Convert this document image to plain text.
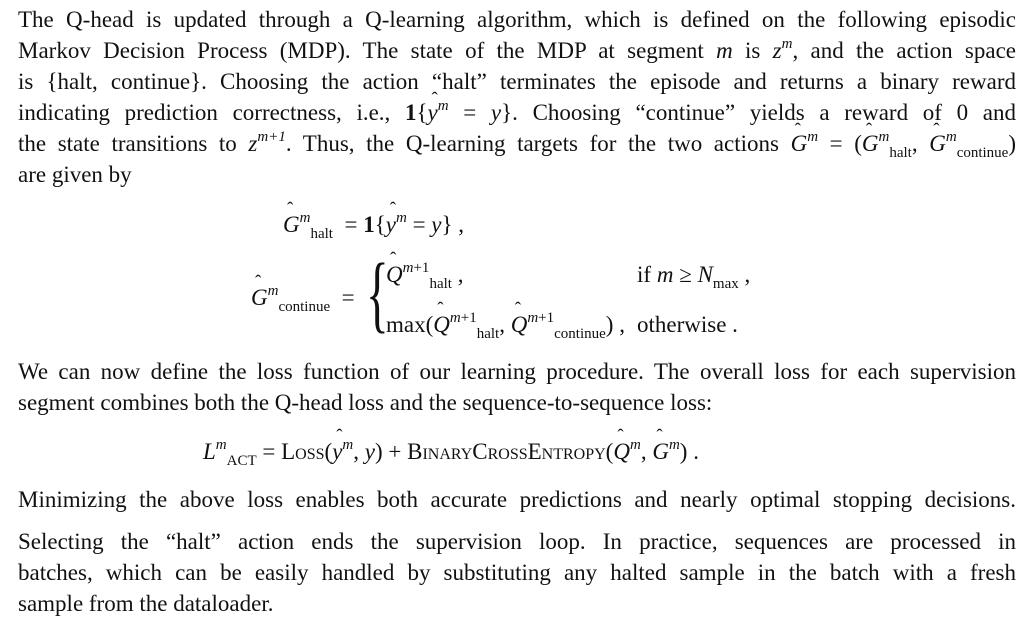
The Q-head is updated through a Q-learning algorithm, which is defined on the following episodic
Markov Decision Process (MDP). The state of the MDP at segment m is $z^m$, and the action space
is {halt, continue}. Choosing the action “halt” terminates the episode and returns a binary reward
indicating prediction correctness, i.e., 1{ˆ $y^m = y$}. Choosing “continue” yields a reward of 0 and
the state transitions to $z^{m+1}$. Thus, the Q-learning targets for the two actions ˆ $G^m$ = (ˆ $G^m_{halt}$, ˆ $G^m_{continue}$)
are given by
ˆ $G^m_{halt}$  = 1{ˆ $y^m = y$} ,
ˆ $G^m_{continue}$  = {
ˆ $Q^{m+1}_{halt}$ ,	if $m \ge N_{max}$ ,
max(ˆ $Q^{m+1}_{halt}$, ˆ $Q^{m+1}_{continue}$) , otherwise .
We can now define the loss function of our learning procedure. The overall loss for each supervision
segment combines both the Q-head loss and the sequence-to-sequence loss:
$L^m_{ACT}$ = Loss(ˆ $y^m$, y) + BinaryCrossEntropy(ˆ $Q^m$, ˆ $G^m$) .
Minimizing the above loss enables both accurate predictions and nearly optimal stopping decisions.
Selecting the “halt” action ends the supervision loop. In practice, sequences are processed in
batches, which can be easily handled by substituting any halted sample in the batch with a fresh
sample from the dataloader.
